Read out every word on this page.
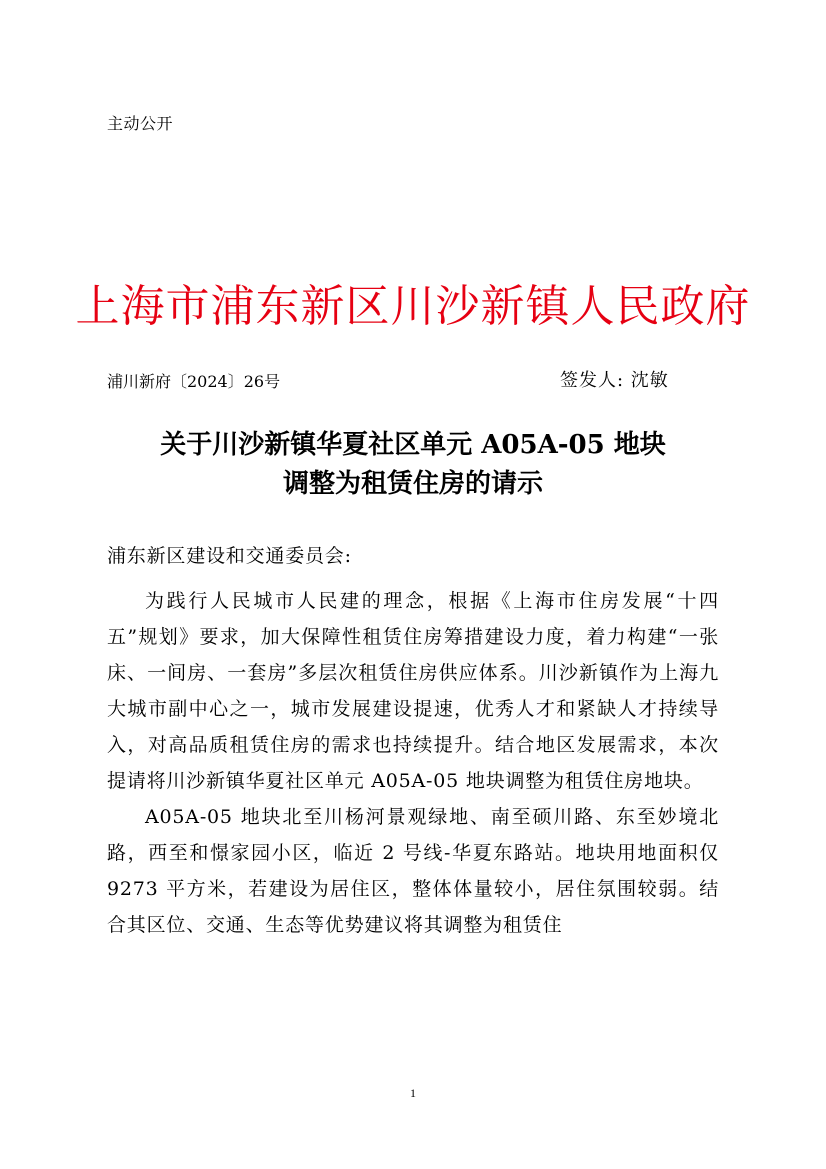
主动公开
上海市浦东新区川沙新镇人民政府
浦川新府〔2024〕26号	签发人: 沈敏
关于川沙新镇华夏社区单元 A05A-05 地块
调整为租赁住房的请示
浦东新区建设和交通委员会:

为践行人民城市人民建的理念，根据《上海市住房发展“十四五”规划》要求，加大保障性租赁住房筹措建设力度，着力构建“一张床、一间房、一套房”多层次租赁住房供应体系。川沙新镇作为上海九大城市副中心之一，城市发展建设提速，优秀人才和紧缺人才持续导入，对高品质租赁住房的需求也持续提升。结合地区发展需求，本次提请将川沙新镇华夏社区单元 A05A-05 地块调整为租赁住房地块。

A05A-05 地块北至川杨河景观绿地、南至硕川路、东至妙境北路，西至和憬家园小区，临近 2 号线-华夏东路站。地块用地面积仅 9273 平方米，若建设为居住区，整体体量较小，居住氛围较弱。结合其区位、交通、生态等优势建议将其调整为租赁住

1
